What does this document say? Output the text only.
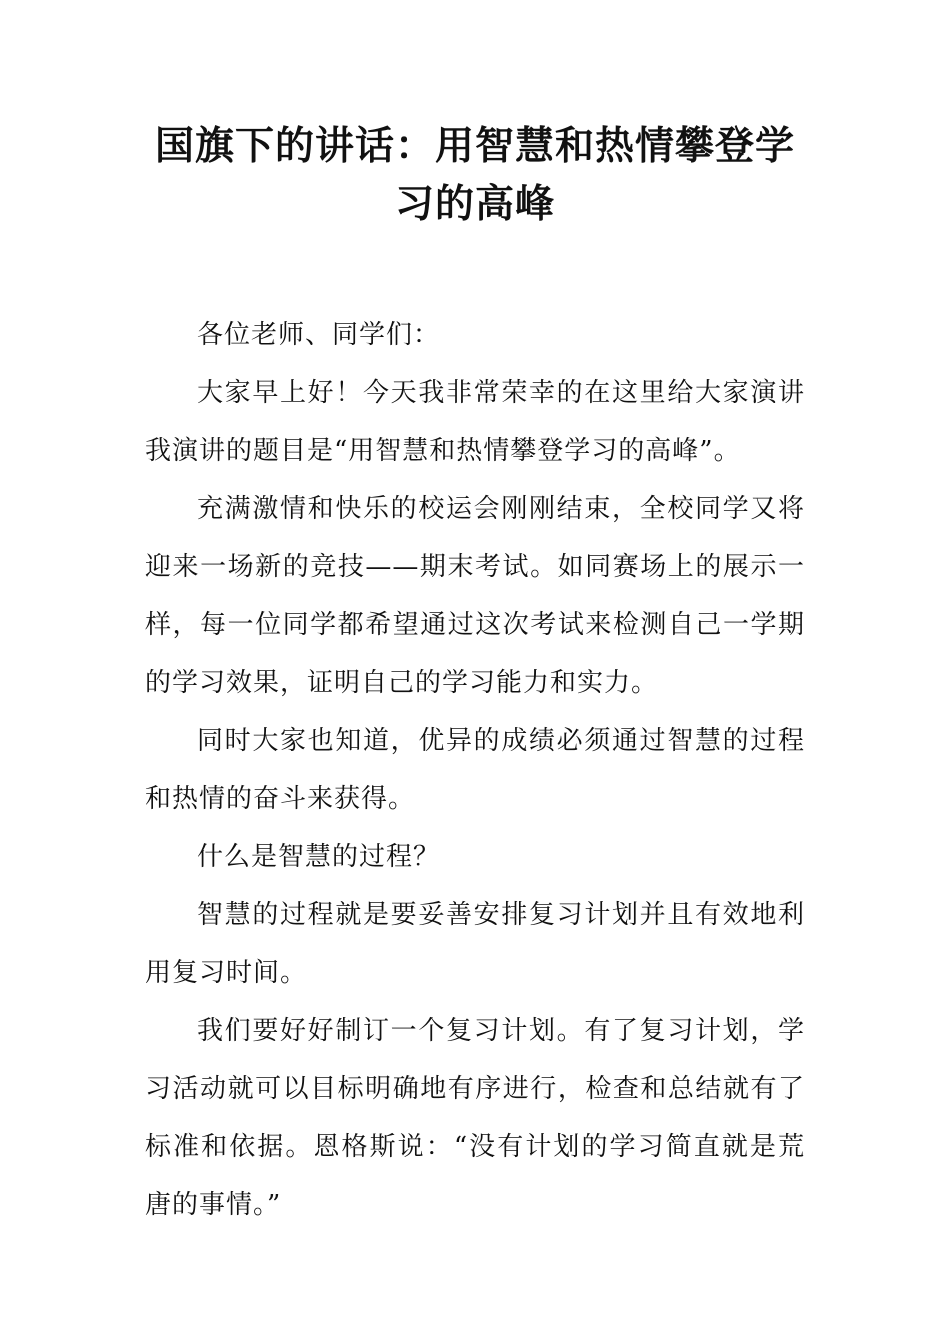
国旗下的讲话：用智慧和热情攀登学习的高峰

各位老师、同学们：

大家早上好！今天我非常荣幸的在这里给大家演讲 我演讲的题目是“用智慧和热情攀登学习的高峰”。

充满激情和快乐的校运会刚刚结束，全校同学又将迎来一场新的竞技——期末考试。如同赛场上的展示一样，每一位同学都希望通过这次考试来检测自己一学期的学习效果，证明自己的学习能力和实力。

同时大家也知道，优异的成绩必须通过智慧的过程和热情的奋斗来获得。

什么是智慧的过程？

智慧的过程就是要妥善安排复习计划并且有效地利用复习时间。

我们要好好制订一个复习计划。有了复习计划，学习活动就可以目标明确地有序进行，检查和总结就有了标准和依据。恩格斯说：“没有计划的学习简直就是荒唐的事情。”
